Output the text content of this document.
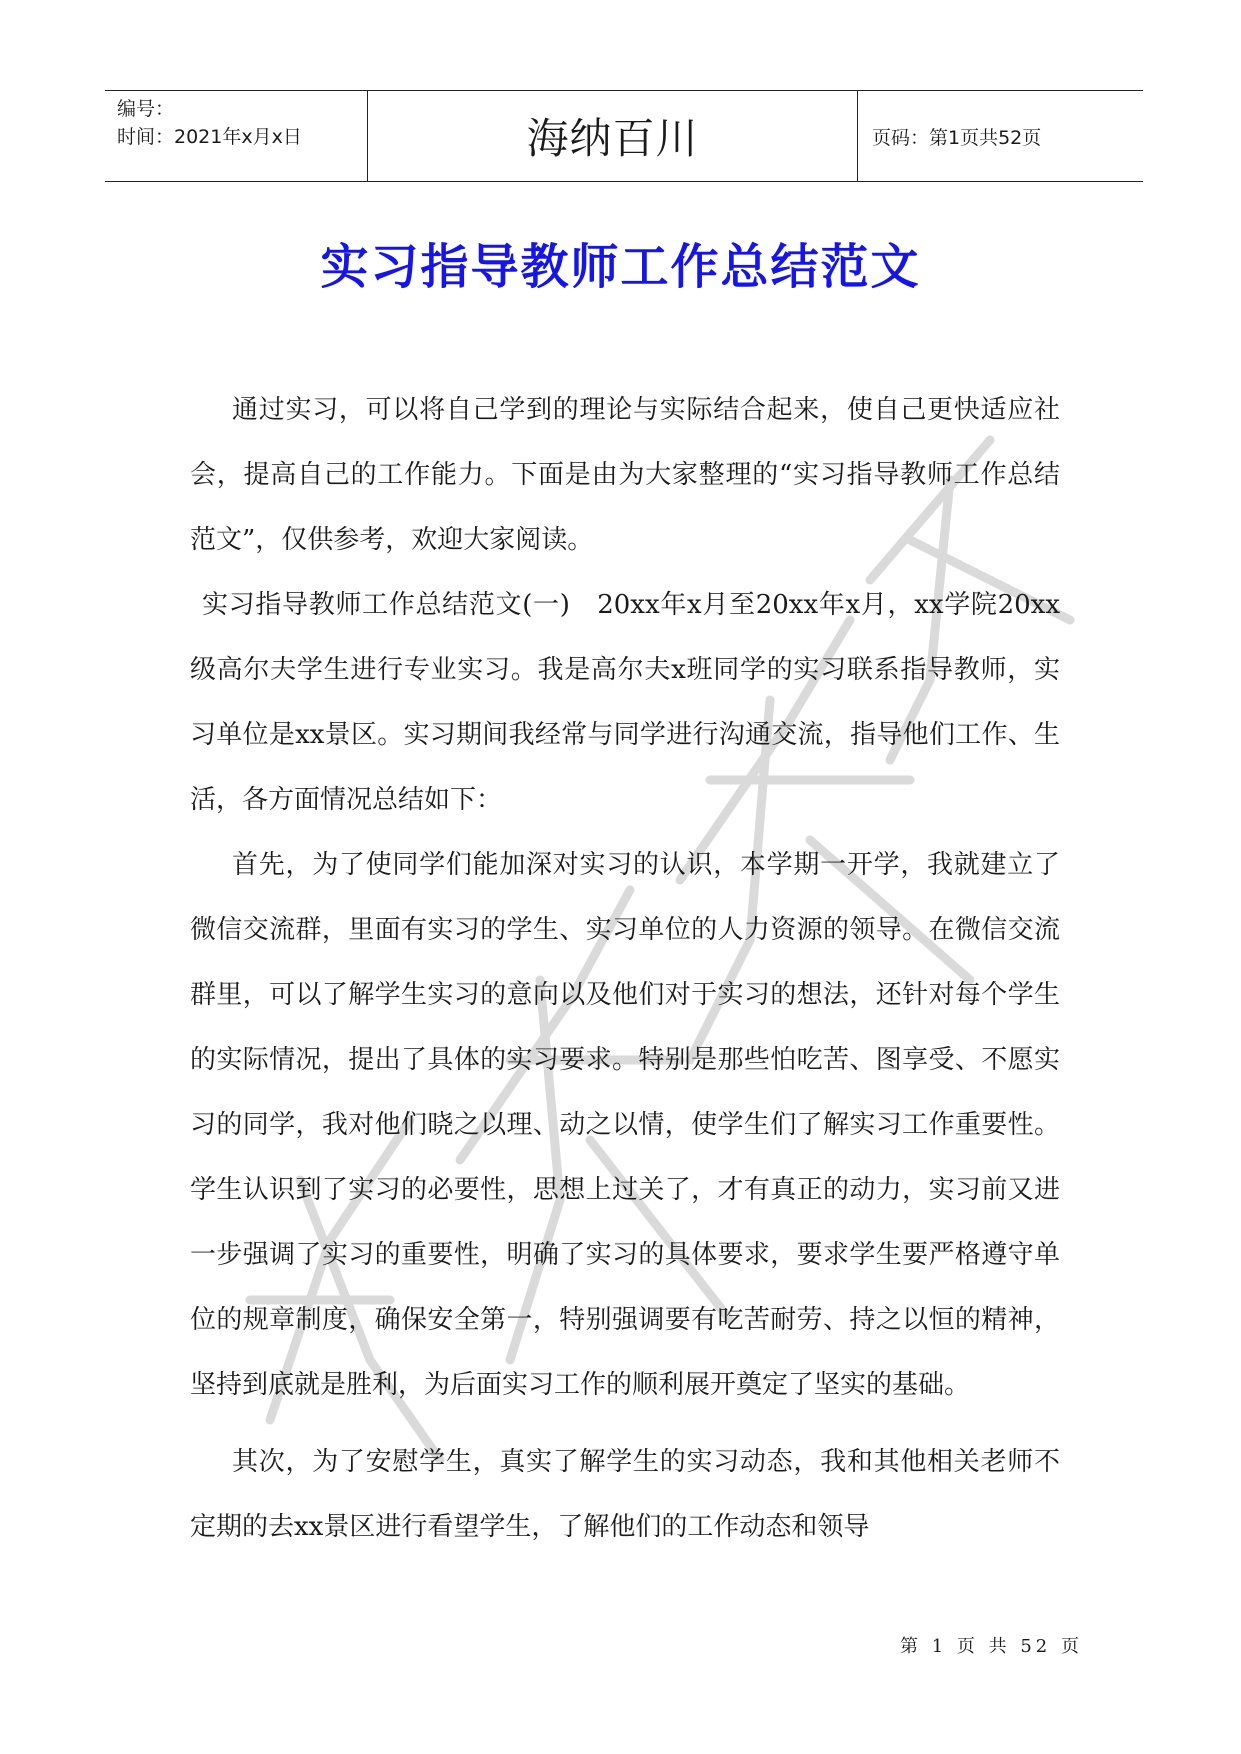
编号：
时间：2021年x月x日	海纳百川	页码：第1页共52页
实习指导教师工作总结范文

通过实习，可以将自己学到的理论与实际结合起来，使自己更快适应社会，提高自己的工作能力。下面是由为大家整理的“实习指导教师工作总结范文”，仅供参考，欢迎大家阅读。

实习指导教师工作总结范文(一)　20xx年x月至20xx年x月，xx学院20xx级高尔夫学生进行专业实习。我是高尔夫x班同学的实习联系指导教师，实习单位是xx景区。实习期间我经常与同学进行沟通交流，指导他们工作、生活，各方面情况总结如下：

首先，为了使同学们能加深对实习的认识，本学期一开学，我就建立了微信交流群，里面有实习的学生、实习单位的人力资源的领导。在微信交流群里，可以了解学生实习的意向以及他们对于实习的想法，还针对每个学生的实际情况，提出了具体的实习要求。特别是那些怕吃苦、图享受、不愿实习的同学，我对他们晓之以理、动之以情，使学生们了解实习工作重要性。学生认识到了实习的必要性，思想上过关了，才有真正的动力，实习前又进一步强调了实习的重要性，明确了实习的具体要求，要求学生要严格遵守单位的规章制度，确保安全第一，特别强调要有吃苦耐劳、持之以恒的精神，坚持到底就是胜利，为后面实习工作的顺利展开奠定了坚实的基础。

其次，为了安慰学生，真实了解学生的实习动态，我和其他相关老师不定期的去xx景区进行看望学生，了解他们的工作动态和领导

第 1 页 共 52 页
